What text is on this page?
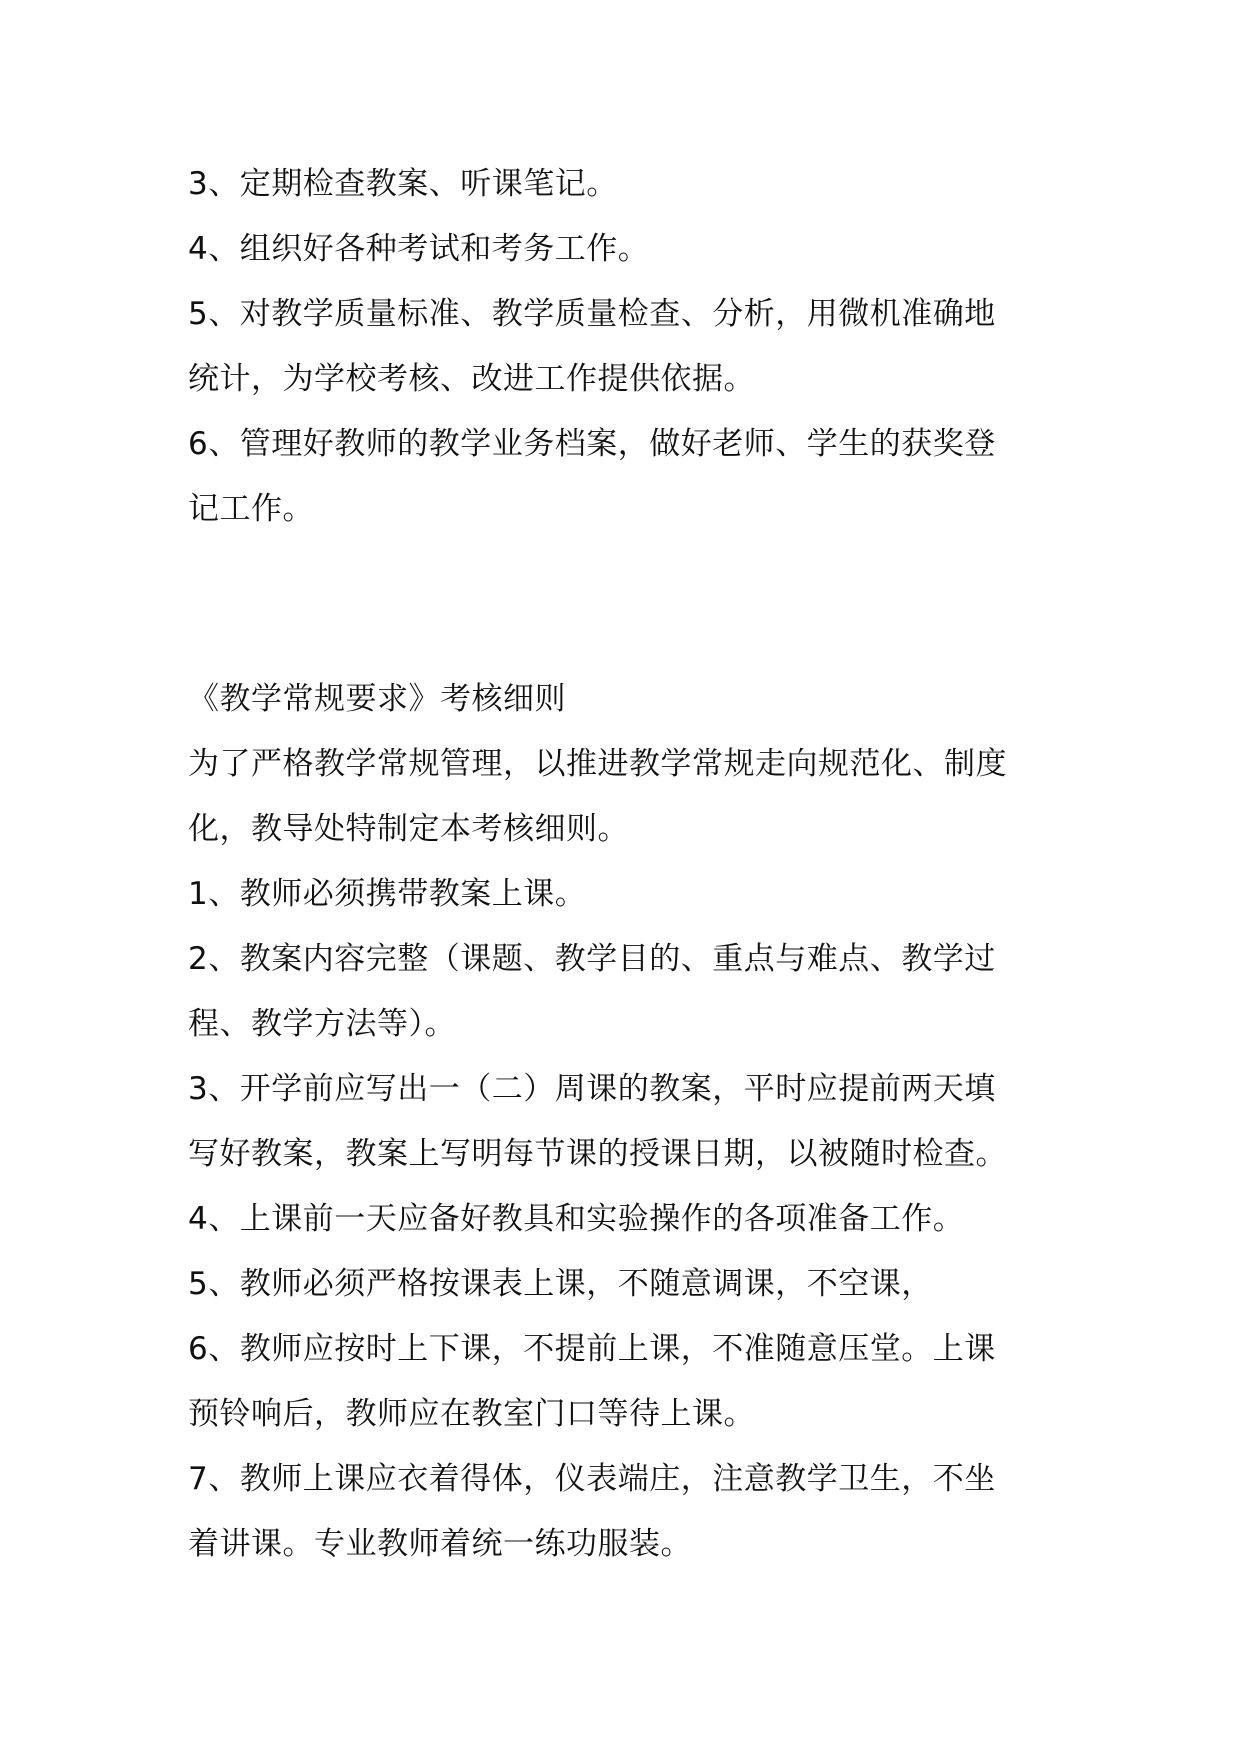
3、定期检查教案、听课笔记。
4、组织好各种考试和考务工作。
5、对教学质量标准、教学质量检查、分析，用微机准确地
统计，为学校考核、改进工作提供依据。
6、管理好教师的教学业务档案，做好老师、学生的获奖登
记工作。
《教学常规要求》考核细则
为了严格教学常规管理，以推进教学常规走向规范化、制度
化，教导处特制定本考核细则。
1、教师必须携带教案上课。
2、教案内容完整（课题、教学目的、重点与难点、教学过
程、教学方法等）。
3、开学前应写出一（二）周课的教案，平时应提前两天填
写好教案，教案上写明每节课的授课日期，以被随时检查。
4、上课前一天应备好教具和实验操作的各项准备工作。
5、教师必须严格按课表上课，不随意调课，不空课，
6、教师应按时上下课，不提前上课，不准随意压堂。上课
预铃响后，教师应在教室门口等待上课。
7、教师上课应衣着得体，仪表端庄，注意教学卫生，不坐
着讲课。专业教师着统一练功服装。
